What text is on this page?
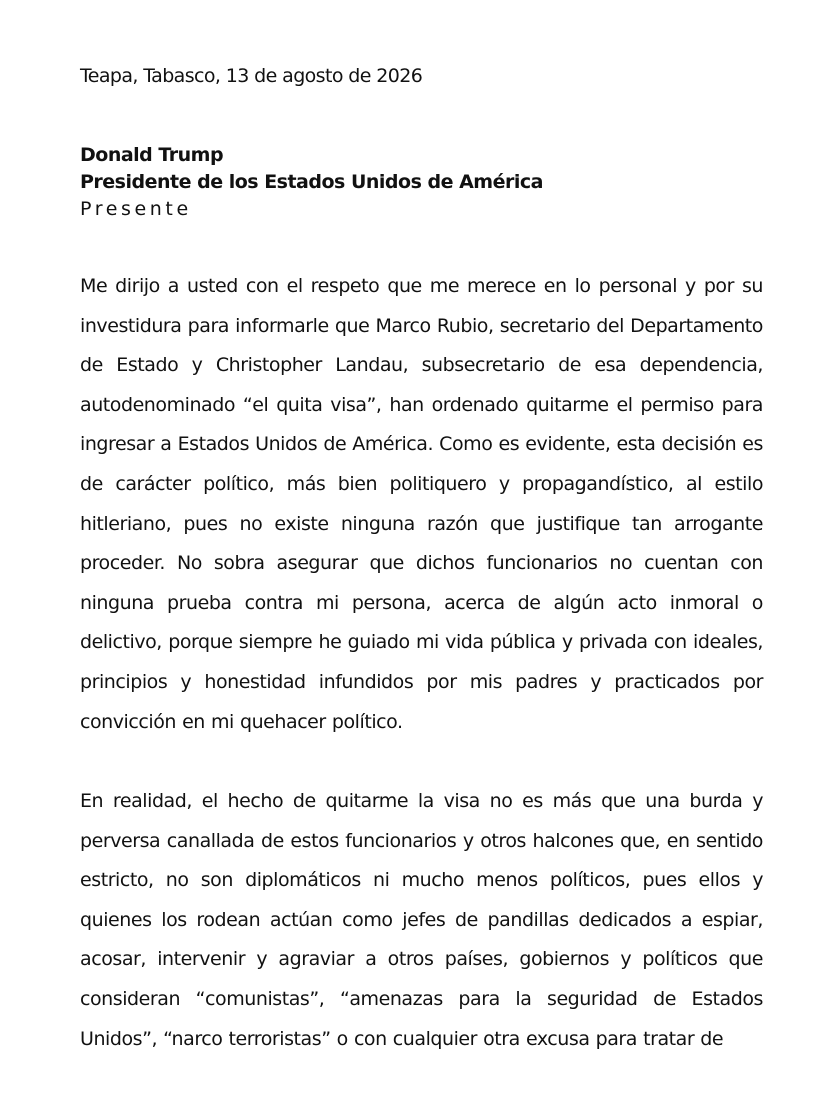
Teapa, Tabasco, 13 de agosto de 2026
Donald Trump
Presidente de los Estados Unidos de América
Presente

Me dirijo a usted con el respeto que me merece en lo personal y por su investidura para informarle que Marco Rubio, secretario del Departamento de Estado y Christopher Landau, subsecretario de esa dependencia, autodenominado “el quita visa”, han ordenado quitarme el permiso para ingresar a Estados Unidos de América. Como es evidente, esta decisión es de carácter político, más bien politiquero y propagandístico, al estilo hitleriano, pues no existe ninguna razón que justifique tan arrogante proceder. No sobra asegurar que dichos funcionarios no cuentan con ninguna prueba contra mi persona, acerca de algún acto inmoral o delictivo, porque siempre he guiado mi vida pública y privada con ideales, principios y honestidad infundidos por mis padres y practicados por convicción en mi quehacer político.

En realidad, el hecho de quitarme la visa no es más que una burda y perversa canallada de estos funcionarios y otros halcones que, en sentido estricto, no son diplomáticos ni mucho menos políticos, pues ellos y quienes los rodean actúan como jefes de pandillas dedicados a espiar, acosar, intervenir y agraviar a otros países, gobiernos y políticos que consideran “comunistas”, “amenazas para la seguridad de Estados Unidos”, “narco terroristas” o con cualquier otra excusa para tratar de
